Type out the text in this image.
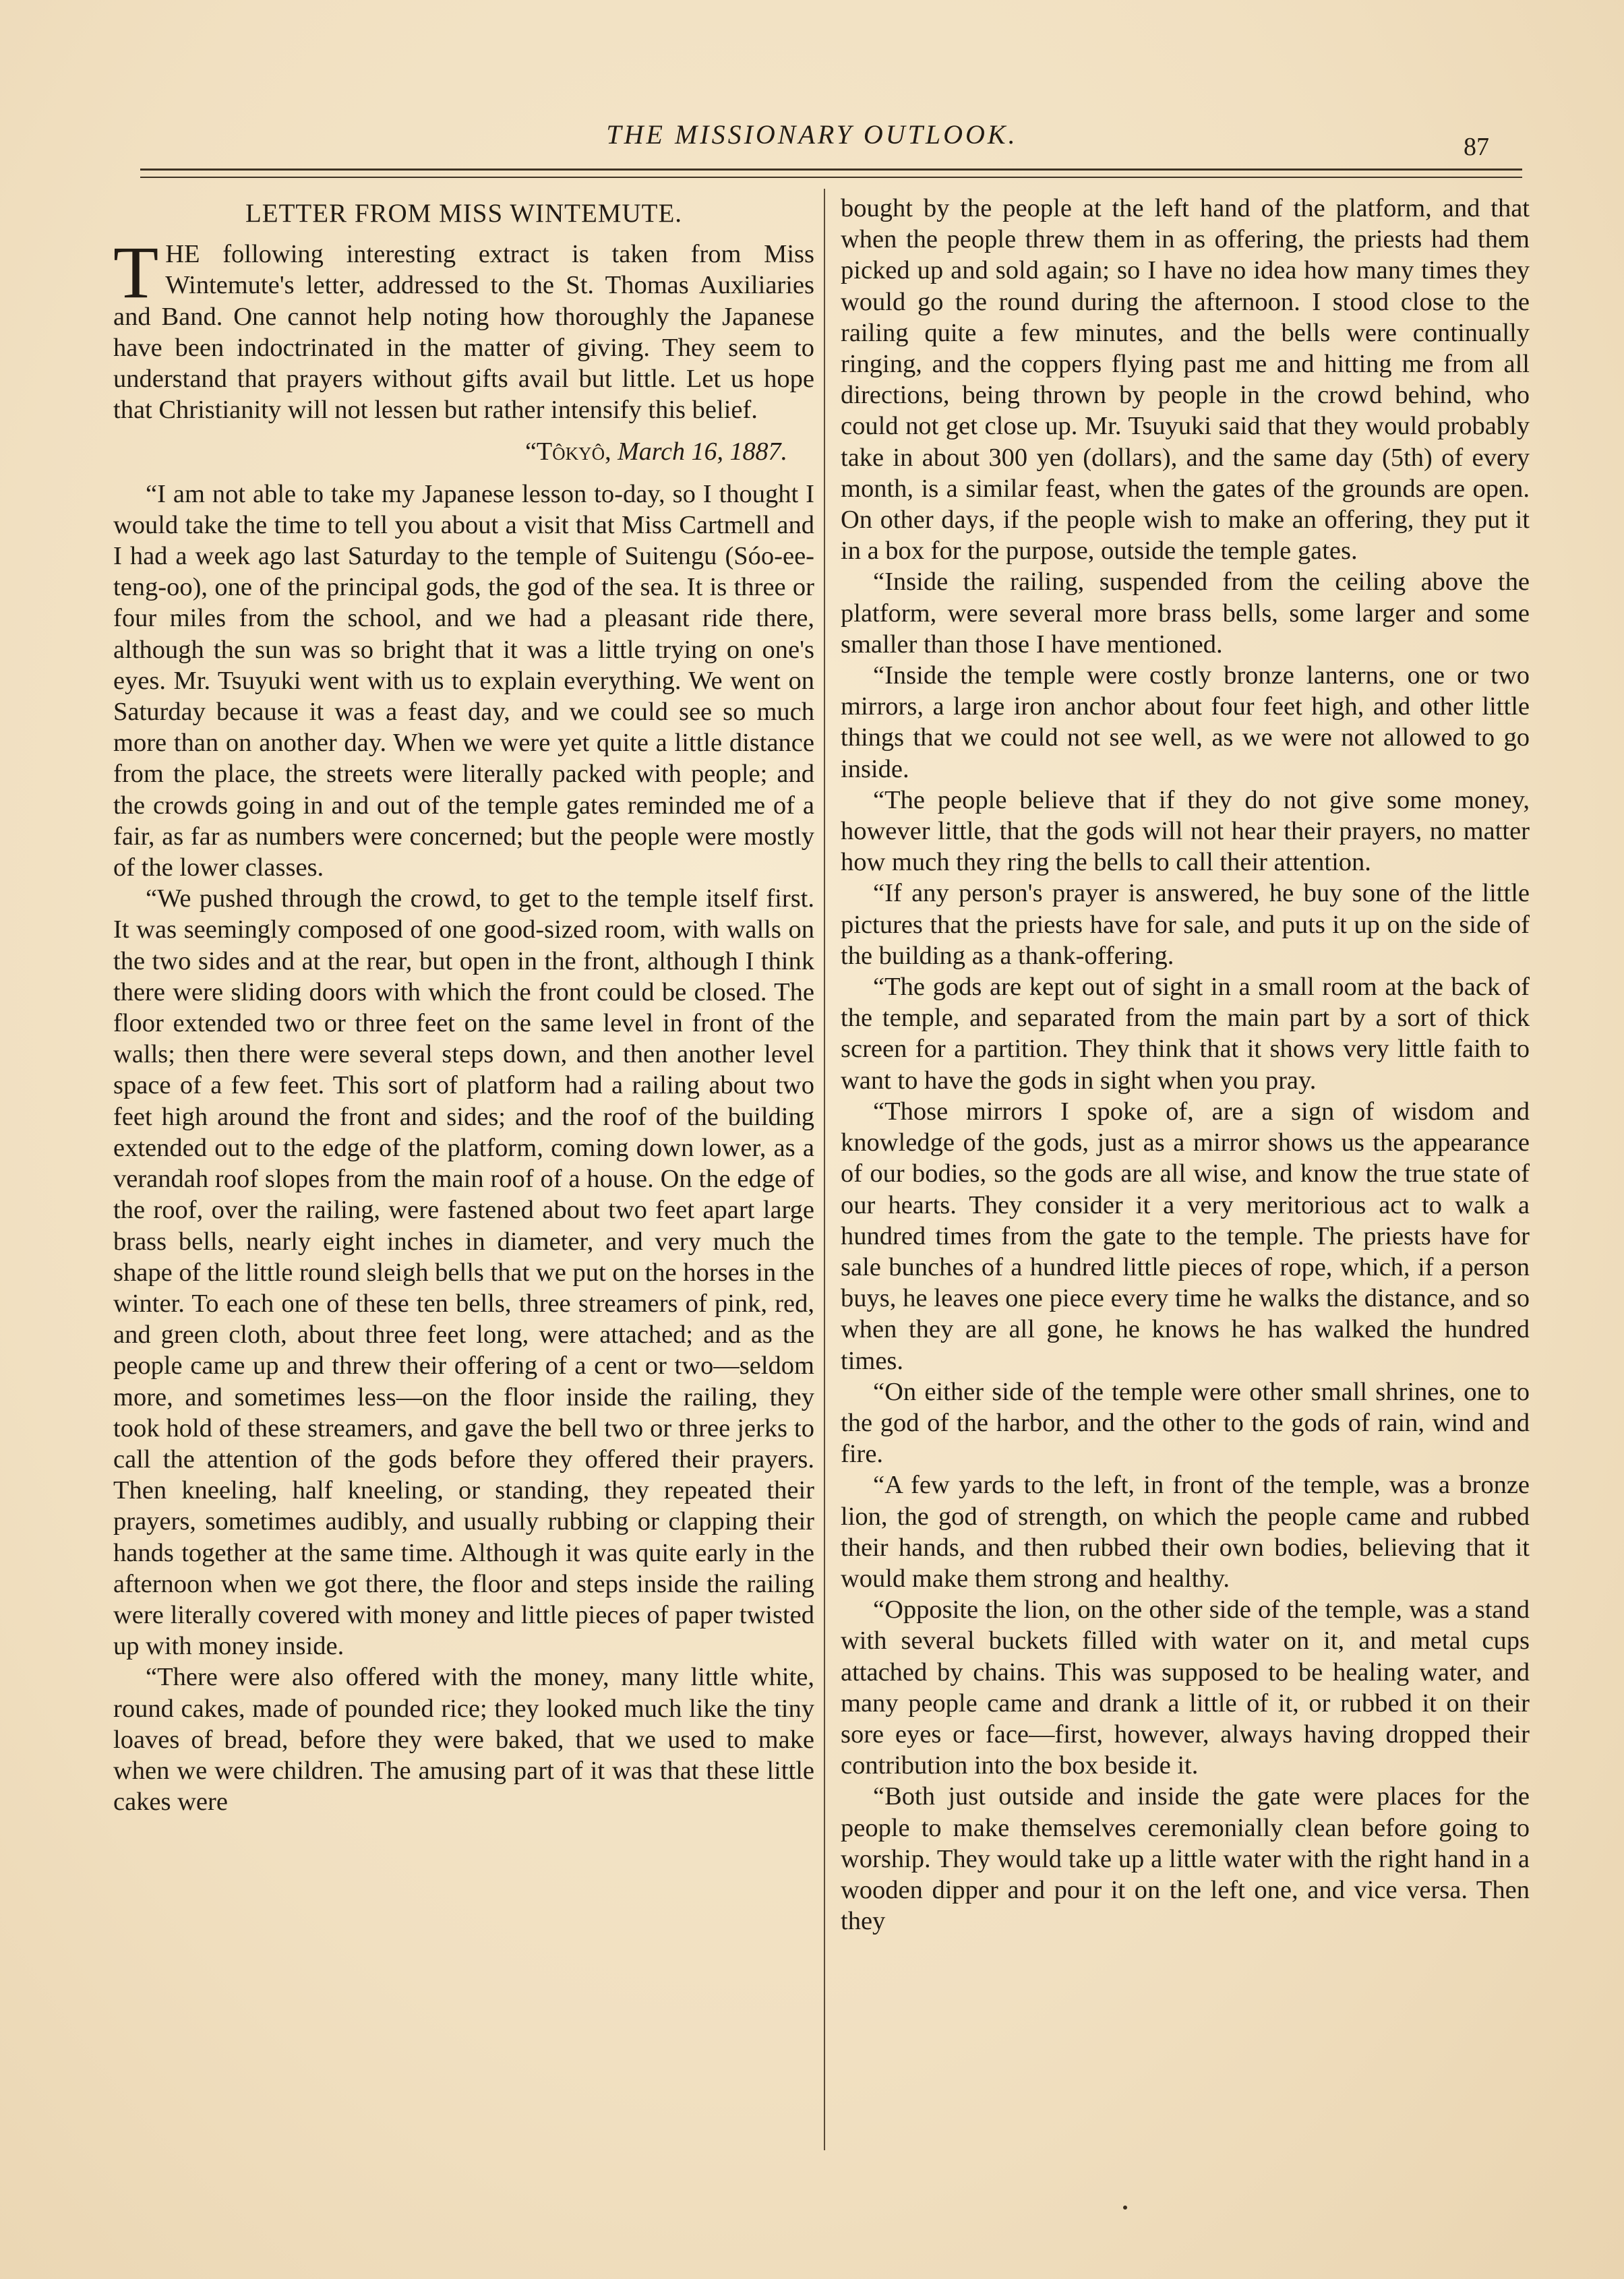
THE MISSIONARY OUTLOOK.	87
LETTER FROM MISS WINTEMUTE.

THE following interesting extract is taken from Miss Wintemute's letter, addressed to the St. Thomas Auxiliaries and Band. One cannot help noting how thoroughly the Japanese have been indoctrinated in the matter of giving. They seem to understand that prayers without gifts avail but little. Let us hope that Christianity will not lessen but rather intensify this belief.

“Tôkyô, March 16, 1887.

“I am not able to take my Japanese lesson to-day, so I thought I would take the time to tell you about a visit that Miss Cartmell and I had a week ago last Saturday to the temple of Suitengu (Sóo-ee-teng-oo), one of the principal gods, the god of the sea. It is three or four miles from the school, and we had a pleasant ride there, although the sun was so bright that it was a little trying on one's eyes. Mr. Tsuyuki went with us to explain everything. We went on Saturday because it was a feast day, and we could see so much more than on another day. When we were yet quite a little distance from the place, the streets were literally packed with people; and the crowds going in and out of the temple gates reminded me of a fair, as far as numbers were concerned; but the people were mostly of the lower classes.

“We pushed through the crowd, to get to the temple itself first. It was seemingly composed of one good-sized room, with walls on the two sides and at the rear, but open in the front, although I think there were sliding doors with which the front could be closed. The floor extended two or three feet on the same level in front of the walls; then there were several steps down, and then another level space of a few feet. This sort of platform had a railing about two feet high around the front and sides; and the roof of the building extended out to the edge of the platform, coming down lower, as a verandah roof slopes from the main roof of a house. On the edge of the roof, over the railing, were fastened about two feet apart large brass bells, nearly eight inches in diameter, and very much the shape of the little round sleigh bells that we put on the horses in the winter. To each one of these ten bells, three streamers of pink, red, and green cloth, about three feet long, were attached; and as the people came up and threw their offering of a cent or two—seldom more, and sometimes less—on the floor inside the railing, they took hold of these streamers, and gave the bell two or three jerks to call the attention of the gods before they offered their prayers. Then kneeling, half kneeling, or standing, they repeated their prayers, sometimes audibly, and usually rubbing or clapping their hands together at the same time. Although it was quite early in the afternoon when we got there, the floor and steps inside the railing were literally covered with money and little pieces of paper twisted up with money inside.

“There were also offered with the money, many little white, round cakes, made of pounded rice; they looked much like the tiny loaves of bread, before they were baked, that we used to make when we were children. The amusing part of it was that these little cakes were

bought by the people at the left hand of the platform, and that when the people threw them in as offering, the priests had them picked up and sold again; so I have no idea how many times they would go the round during the afternoon. I stood close to the railing quite a few minutes, and the bells were continually ringing, and the coppers flying past me and hitting me from all directions, being thrown by people in the crowd behind, who could not get close up. Mr. Tsuyuki said that they would probably take in about 300 yen (dollars), and the same day (5th) of every month, is a similar feast, when the gates of the grounds are open. On other days, if the people wish to make an offering, they put it in a box for the purpose, outside the temple gates.

“Inside the railing, suspended from the ceiling above the platform, were several more brass bells, some larger and some smaller than those I have mentioned.

“Inside the temple were costly bronze lanterns, one or two mirrors, a large iron anchor about four feet high, and other little things that we could not see well, as we were not allowed to go inside.

“The people believe that if they do not give some money, however little, that the gods will not hear their prayers, no matter how much they ring the bells to call their attention.

“If any person's prayer is answered, he buy sone of the little pictures that the priests have for sale, and puts it up on the side of the building as a thank-offering.

“The gods are kept out of sight in a small room at the back of the temple, and separated from the main part by a sort of thick screen for a partition. They think that it shows very little faith to want to have the gods in sight when you pray.

“Those mirrors I spoke of, are a sign of wisdom and knowledge of the gods, just as a mirror shows us the appearance of our bodies, so the gods are all wise, and know the true state of our hearts. They consider it a very meritorious act to walk a hundred times from the gate to the temple. The priests have for sale bunches of a hundred little pieces of rope, which, if a person buys, he leaves one piece every time he walks the distance, and so when they are all gone, he knows he has walked the hundred times.

“On either side of the temple were other small shrines, one to the god of the harbor, and the other to the gods of rain, wind and fire.

“A few yards to the left, in front of the temple, was a bronze lion, the god of strength, on which the people came and rubbed their hands, and then rubbed their own bodies, believing that it would make them strong and healthy.

“Opposite the lion, on the other side of the temple, was a stand with several buckets filled with water on it, and metal cups attached by chains. This was supposed to be healing water, and many people came and drank a little of it, or rubbed it on their sore eyes or face—first, however, always having dropped their contribution into the box beside it.

“Both just outside and inside the gate were places for the people to make themselves ceremonially clean before going to worship. They would take up a little water with the right hand in a wooden dipper and pour it on the left one, and vice versa. Then they
